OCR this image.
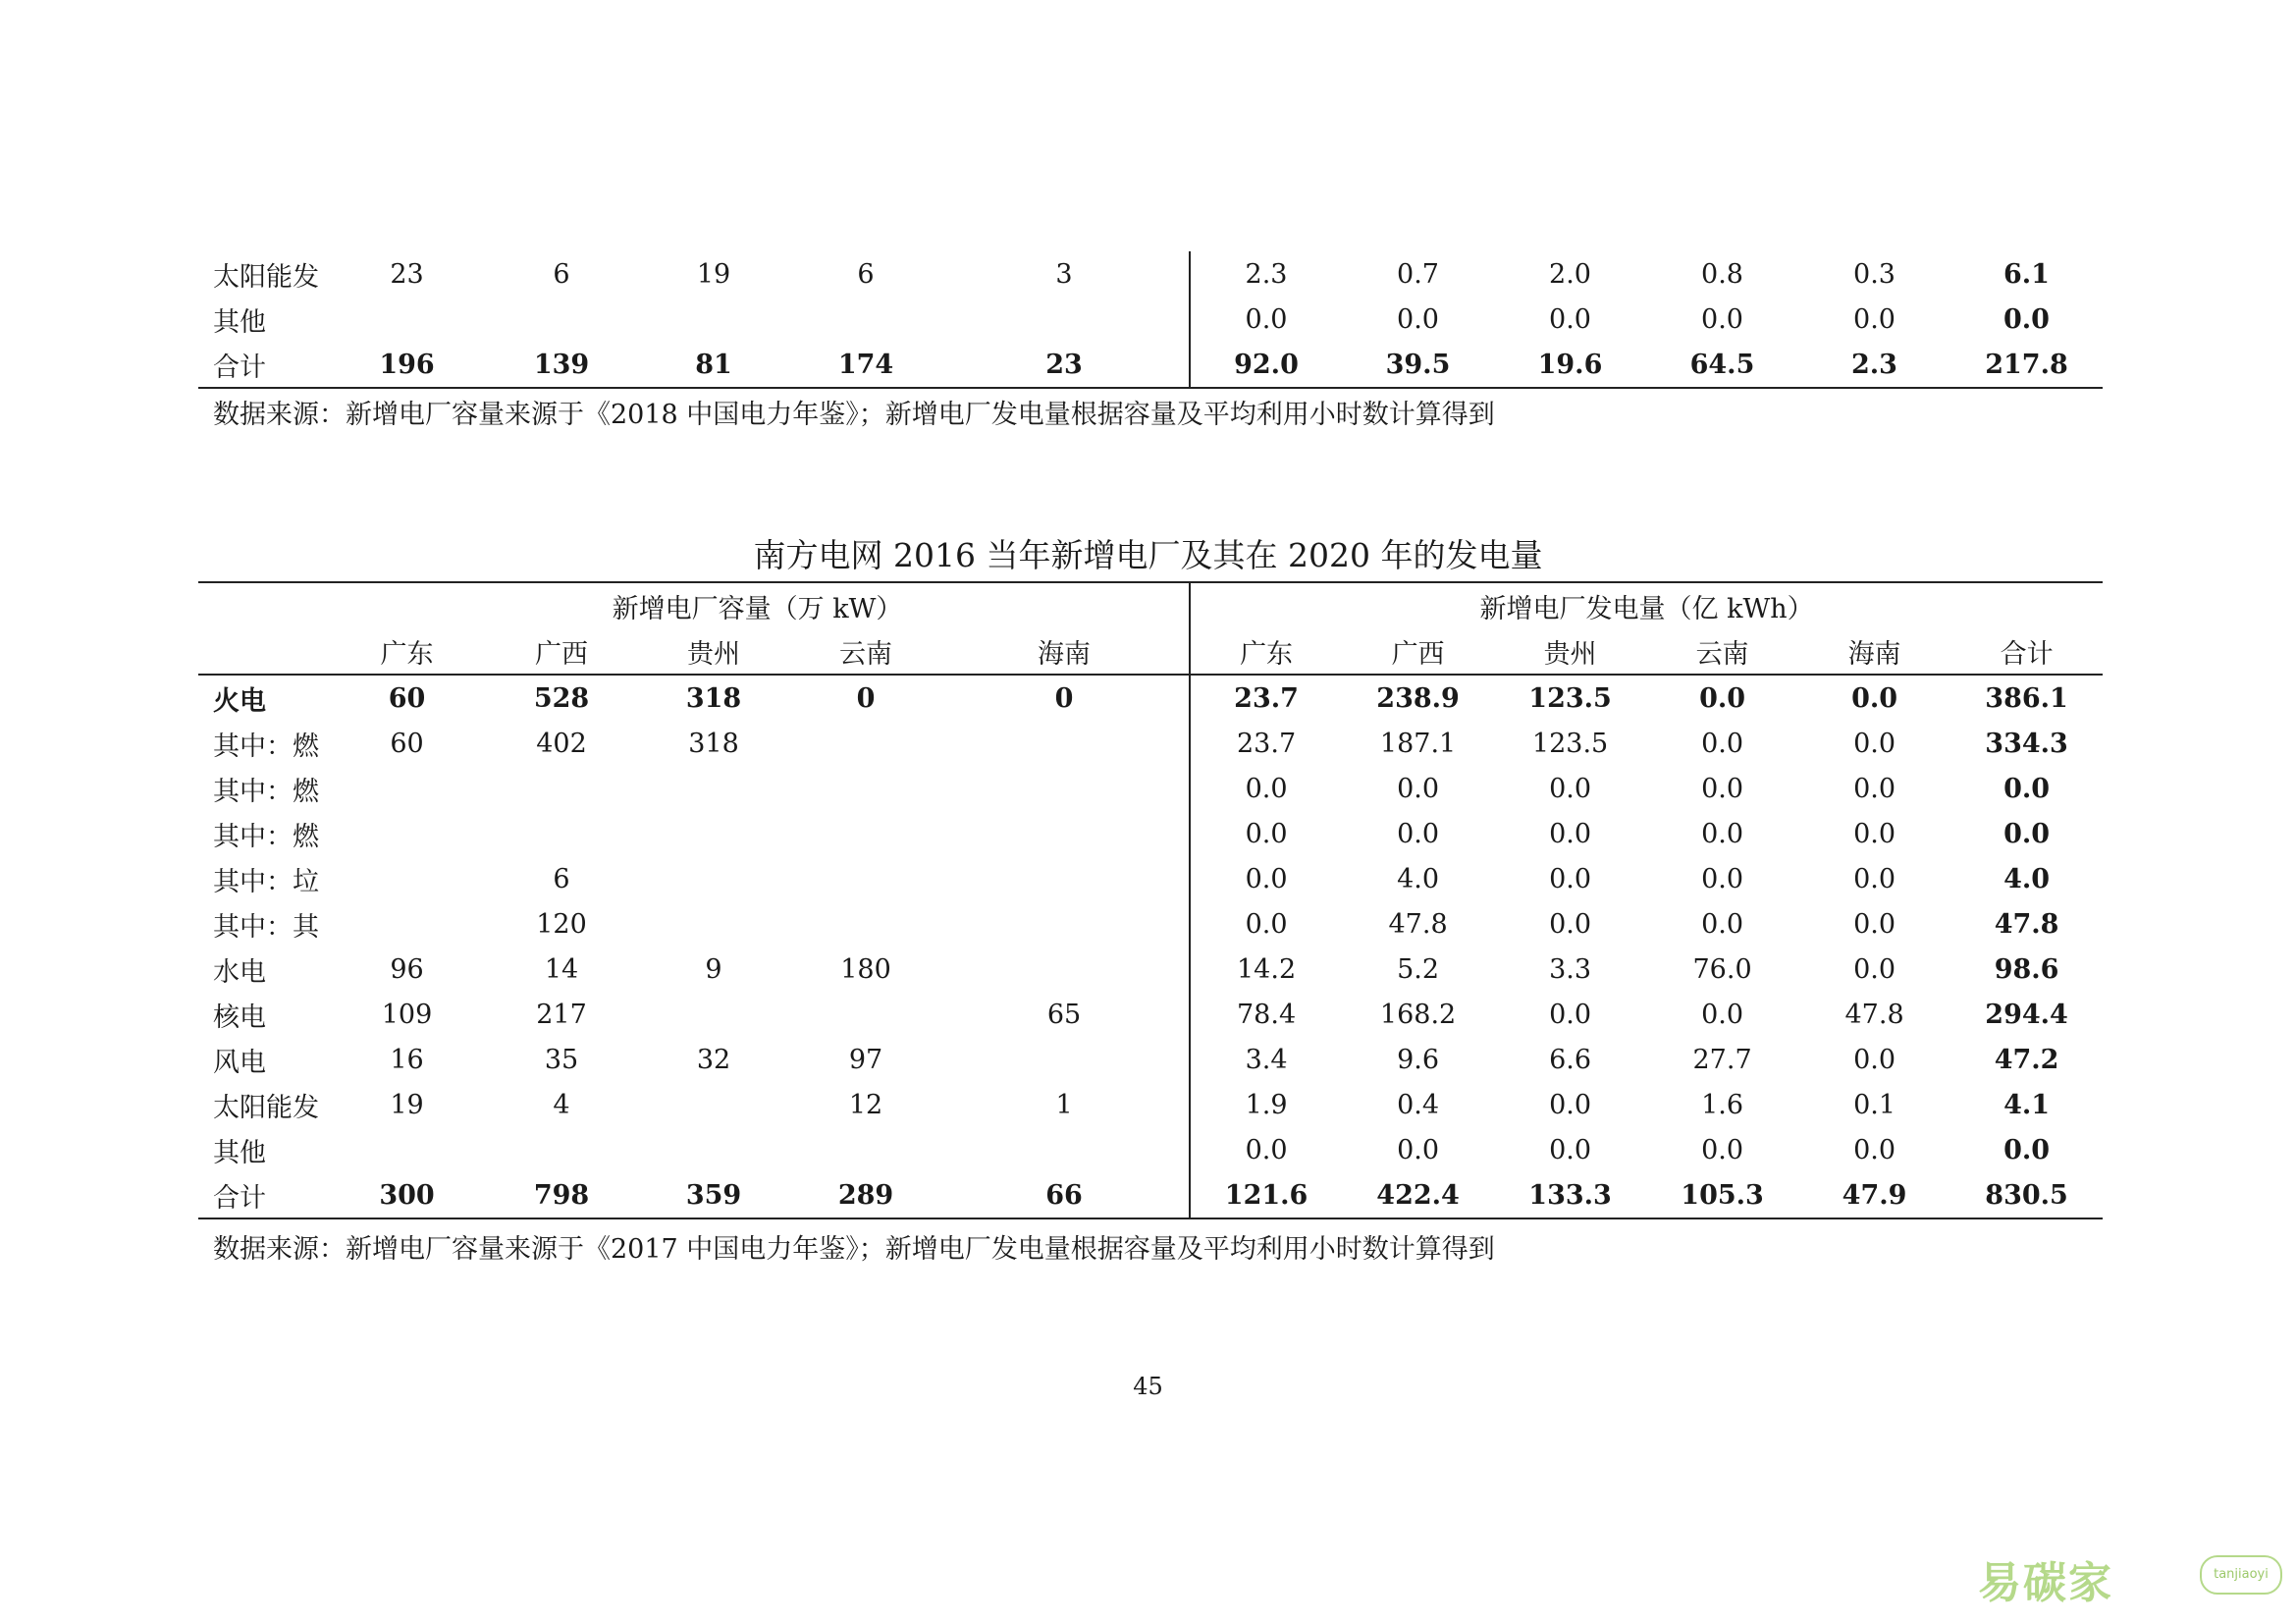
太阳能发	23	6	19	6	3	2.3	0.7	2.0	0.8	0.3	6.1
其他						0.0	0.0	0.0	0.0	0.0	0.0
合计	196	139	81	174	23	92.0	39.5	19.6	64.5	2.3	217.8
数据来源：新增电厂容量来源于《2018 中国电力年鉴》；新增电厂发电量根据容量及平均利用小时数计算得到
南方电网 2016 当年新增电厂及其在 2020 年的发电量
	新增电厂容量（万 kW）					新增电厂发电量（亿 kWh）					
	广东	广西	贵州	云南	海南	广东	广西	贵州	云南	海南	合计
火电	60	528	318	0	0	23.7	238.9	123.5	0.0	0.0	386.1
其中：燃	60	402	318			23.7	187.1	123.5	0.0	0.0	334.3
其中：燃						0.0	0.0	0.0	0.0	0.0	0.0
其中：燃						0.0	0.0	0.0	0.0	0.0	0.0
其中：垃		6				0.0	4.0	0.0	0.0	0.0	4.0
其中：其		120				0.0	47.8	0.0	0.0	0.0	47.8
水电	96	14	9	180		14.2	5.2	3.3	76.0	0.0	98.6
核电	109	217			65	78.4	168.2	0.0	0.0	47.8	294.4
风电	16	35	32	97		3.4	9.6	6.6	27.7	0.0	47.2
太阳能发	19	4		12	1	1.9	0.4	0.0	1.6	0.1	4.1
其他						0.0	0.0	0.0	0.0	0.0	0.0
合计	300	798	359	289	66	121.6	422.4	133.3	105.3	47.9	830.5
数据来源：新增电厂容量来源于《2017 中国电力年鉴》；新增电厂发电量根据容量及平均利用小时数计算得到
45
易碳家	tanjiaoyi
